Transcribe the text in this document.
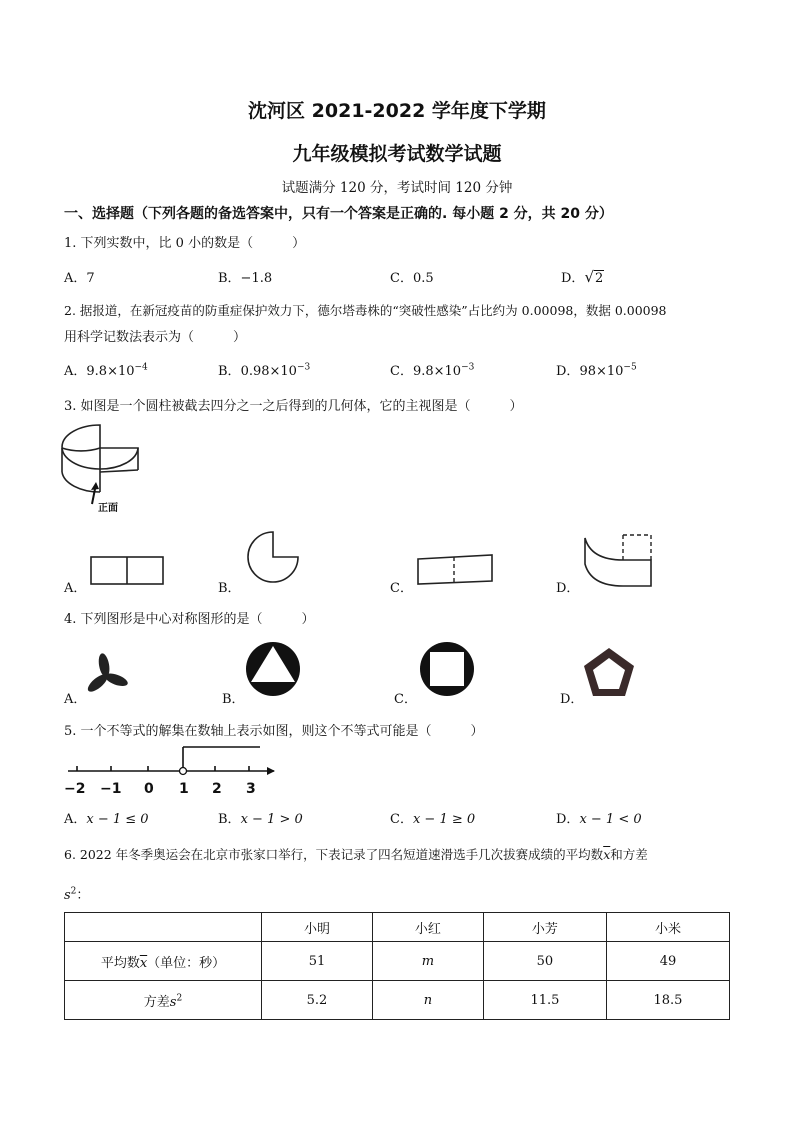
沈河区 2021-2022 学年度下学期
九年级模拟考试数学试题
试题满分 120 分，考试时间 120 分钟
一、选择题（下列各题的备选答案中，只有一个答案是正确的. 每小题 2 分，共 20 分）
1. 下列实数中，比 0 小的数是（　　　）
A．7	B．−1.8	C．0.5	D．√2
2. 据报道，在新冠疫苗的防重症保护效力下，德尔塔毒株的“突破性感染”占比约为 0.00098，数据 0.00098
用科学记数法表示为（　　　）
A．$9.8\times 10^{-4}$	B．$0.98\times 10^{-3}$	C．$9.8\times 10^{-3}$	D．$98\times 10^{-5}$
3. 如图是一个圆柱被截去四分之一之后得到的几何体，它的主视图是（　　　）
正面
A．	B．	C．	D．
4. 下列图形是中心对称图形的是（　　　）
A．	B．	C．	D．
5. 一个不等式的解集在数轴上表示如图，则这个不等式可能是（　　　）
−2 −1 0 1 2 3
A．x − 1 ≤ 0	B．x − 1 > 0	C．x − 1 ≥ 0	D．x − 1 < 0
6. 2022 年冬季奥运会在北京市张家口举行，下表记录了四名短道速滑选手几次拔赛成绩的平均数$\overline{x}$和方差
$s^2$：
	小明	小红	小芳	小米
平均数$\overline{x}$（单位：秒）	51	m	50	49
方差$s^2$	5.2	n	11.5	18.5
